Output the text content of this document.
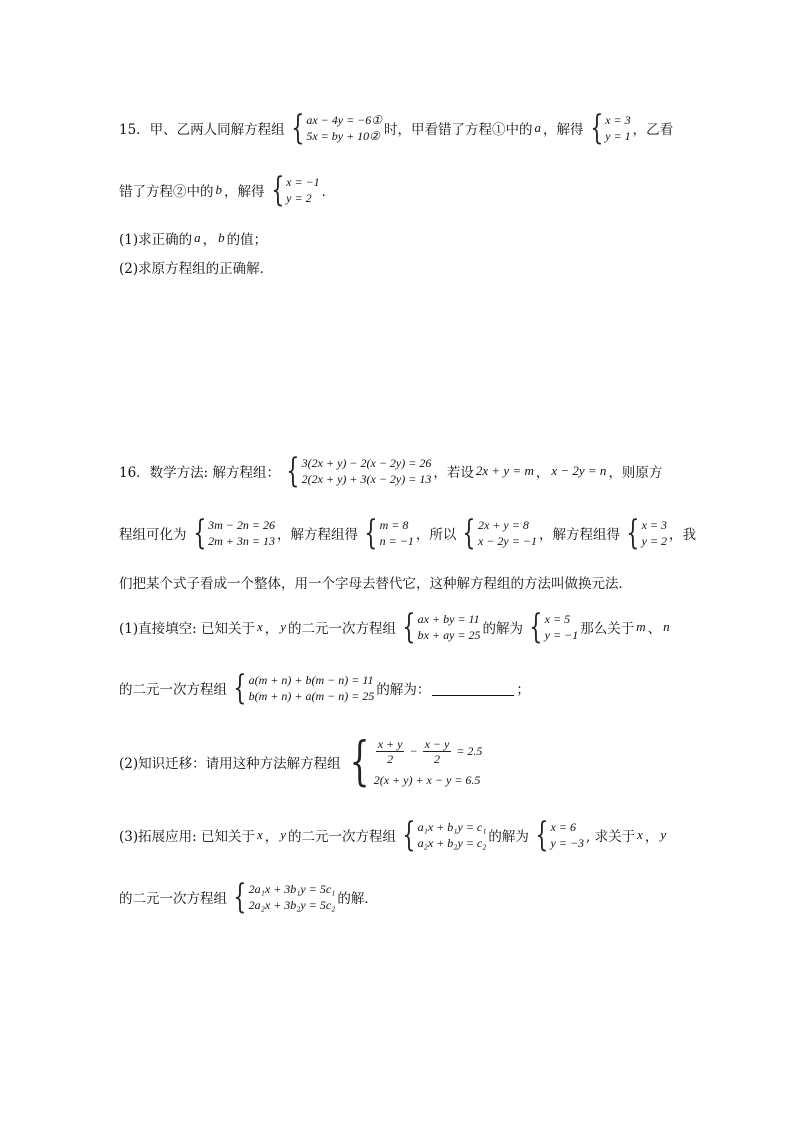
15．甲、乙两人同解方程组 { ax − 4y = −6①
5x = by + 10② 时，甲看错了方程①中的 a ，解得 { x = 3
y = 1 ，乙看
错了方程②中的 b ，解得 { x = −1
y = 2 ．
(1)求正确的 a ， b 的值；
(2)求原方程组的正确解．
16．数学方法: 解方程组： { 3(2x + y) − 2(x − 2y) = 26
2(2x + y) + 3(x − 2y) = 13 ，若设 2x + y = m ， x − 2y = n ，则原方
程组可化为 { 3m − 2n = 26
2m + 3n = 13 ，解方程组得 { m = 8
n = −1 ，所以 { 2x + y = 8
x − 2y = −1 ，解方程组得 { x = 3
y = 2 ，我
们把某个式子看成一个整体，用一个字母去替代它，这种解方程组的方法叫做换元法．
(1)直接填空: 已知关于 x ， y 的二元一次方程组 { ax + by = 11
bx + ay = 25 的解为 { x = 5
y = −1 那么关于 m 、 n
的二元一次方程组 { a(m + n) + b(m − n) = 11
b(m + n) + a(m − n) = 25 的解为：	；
(2)知识迁移：请用这种方法解方程组 { $\frac{x + y}{2} - \frac{x - y}{2} = 2.5$
2(x + y) + x − y = 6.5
(3)拓展应用: 已知关于 x ， y 的二元一次方程组 { a₁x + b₁y = c₁
a₂x + b₂y = c₂ 的解为 { x = 6
y = −3 , 求关于 x ， y
的二元一次方程组 { 2a₁x + 3b₁y = 5c₁
2a₂x + 3b₂y = 5c₂ 的解．
